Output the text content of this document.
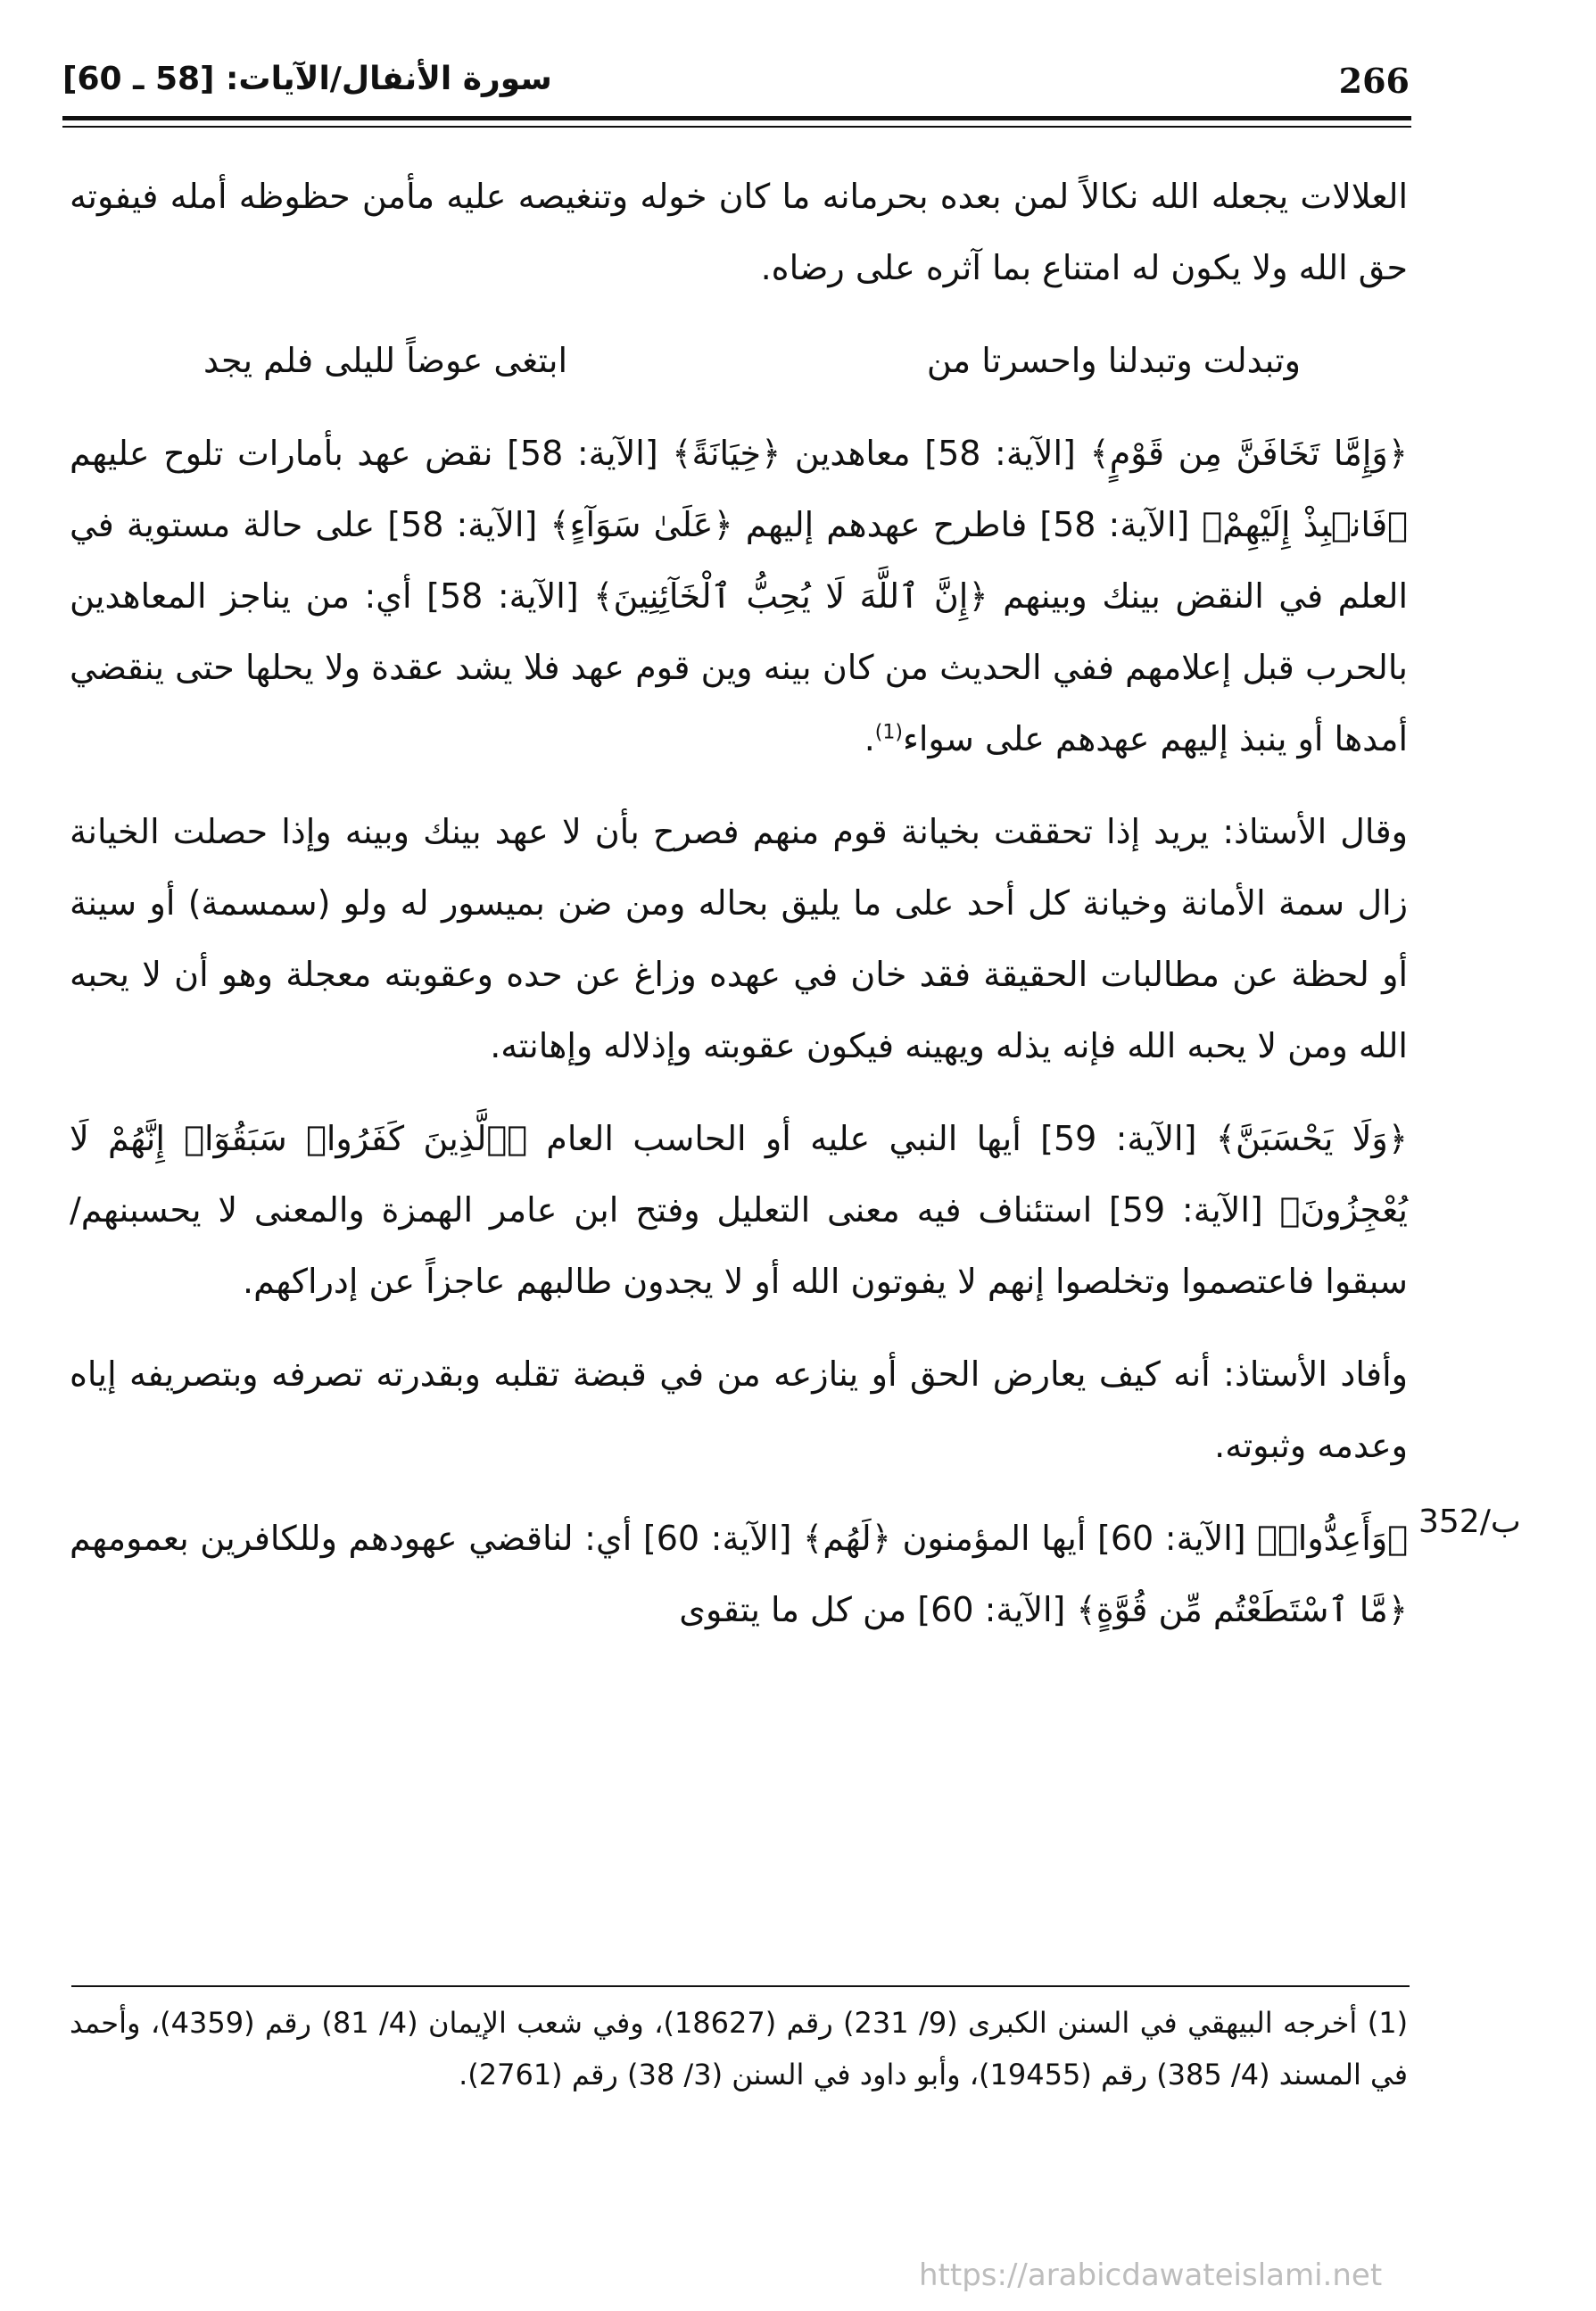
266
سورة الأنفال/الآيات: [58 ـ 60]

العلالات يجعله الله نكالاً لمن بعده بحرمانه ما كان خوله وتنغيصه عليه مأمن حظوظه أمله فيفوته حق الله ولا يكون له امتناع بما آثره على رضاه.

وتبدلت وتبدلنا واحسرتا من
ابتغى عوضاً لليلى فلم يجد

﴿وَإِمَّا تَخَافَنَّ مِن قَوْمٍ﴾ [الآية: 58] معاهدين ﴿خِيَانَةً﴾ [الآية: 58] نقض عهد بأمارات تلوح عليهم ﴿فَانۢبِذْ إِلَيْهِمْ﴾ [الآية: 58] فاطرح عهدهم إليهم ﴿عَلَىٰ سَوَآءٍ﴾ [الآية: 58] على حالة مستوية في العلم في النقض بينك وبينهم ﴿إِنَّ ٱللَّهَ لَا يُحِبُّ ٱلْخَآئِنِينَ﴾ [الآية: 58] أي: من يناجز المعاهدين بالحرب قبل إعلامهم ففي الحديث من كان بينه وين قوم عهد فلا يشد عقدة ولا يحلها حتى ينقضي أمدها أو ينبذ إليهم عهدهم على سواء$^{(1)}$.

وقال الأستاذ: يريد إذا تحققت بخيانة قوم منهم فصرح بأن لا عهد بينك وبينه وإذا حصلت الخيانة زال سمة الأمانة وخيانة كل أحد على ما يليق بحاله ومن ضن بميسور له ولو (سمسمة) أو سينة أو لحظة عن مطالبات الحقيقة فقد خان في عهده وزاغ عن حده وعقوبته معجلة وهو أن لا يحبه الله ومن لا يحبه الله فإنه يذله ويهينه فيكون عقوبته وإذلاله وإهانته.

﴿وَلَا يَحْسَبَنَّ﴾ [الآية: 59] أيها النبي عليه أو الحاسب العام ﴿ٱلَّذِينَ كَفَرُوا۟ سَبَقُوٓا۟ إِنَّهُمْ لَا يُعْجِزُونَ﴾ [الآية: 59] استئناف فيه معنى التعليل وفتح ابن عامر الهمزة والمعنى لا يحسبنهم/ سبقوا فاعتصموا وتخلصوا إنهم لا يفوتون الله أو لا يجدون طالبهم عاجزاً عن إدراكهم.

وأفاد الأستاذ: أنه كيف يعارض الحق أو ينازعه من في قبضة تقلبه وبقدرته تصرفه وبتصريفه إياه وعدمه وثبوته.

﴿وَأَعِدُّوا۟﴾ [الآية: 60] أيها المؤمنون ﴿لَهُم﴾ [الآية: 60] أي: لناقضي عهودهم وللكافرين بعمومهم ﴿مَّا ٱسْتَطَعْتُم مِّن قُوَّةٍ﴾ [الآية: 60] من كل ما يتقوى

352/ب

(1) أخرجه البيهقي في السنن الكبرى (9/ 231) رقم (18627)، وفي شعب الإيمان (4/ 81) رقم (4359)، وأحمد في المسند (4/ 385) رقم (19455)، وأبو داود في السنن (3/ 38) رقم (2761).

https://arabicdawateislami.net
